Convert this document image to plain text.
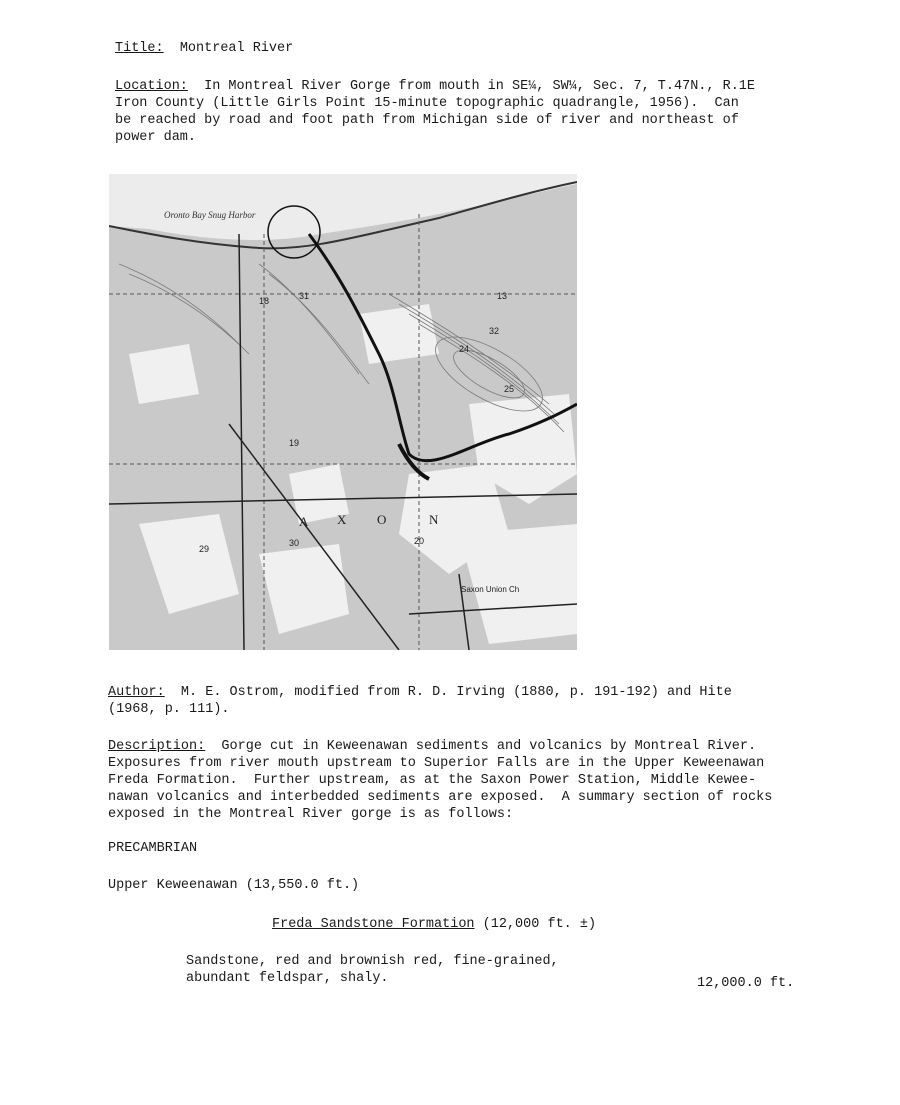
Title: Montreal River
Location: In Montreal River Gorge from mouth in SE¼, SW¼, Sec. 7, T.47N., R.1E
Iron County (Little Girls Point 15-minute topographic quadrangle, 1956).  Can
be reached by road and foot path from Michigan side of river and northeast of
power dam.
Oronto Bay Snug Harbor
31
32
13
25
19
30	20
29
24
18
A X O	N
Saxon Union Ch
Author: M. E. Ostrom, modified from R. D. Irving (1880, p. 191-192) and Hite
(1968, p. 111).
Description: Gorge cut in Keweenawan sediments and volcanics by Montreal River.
Exposures from river mouth upstream to Superior Falls are in the Upper Keweenawan
Freda Formation.  Further upstream, as at the Saxon Power Station, Middle Kewee-
nawan volcanics and interbedded sediments are exposed.  A summary section of rocks
exposed in the Montreal River gorge is as follows:
PRECAMBRIAN
Upper Keweenawan (13,550.0 ft.)
Freda Sandstone Formation (12,000 ft. ±)
Sandstone, red and brownish red, fine-grained,
abundant feldspar, shaly.	12,000.0 ft.
